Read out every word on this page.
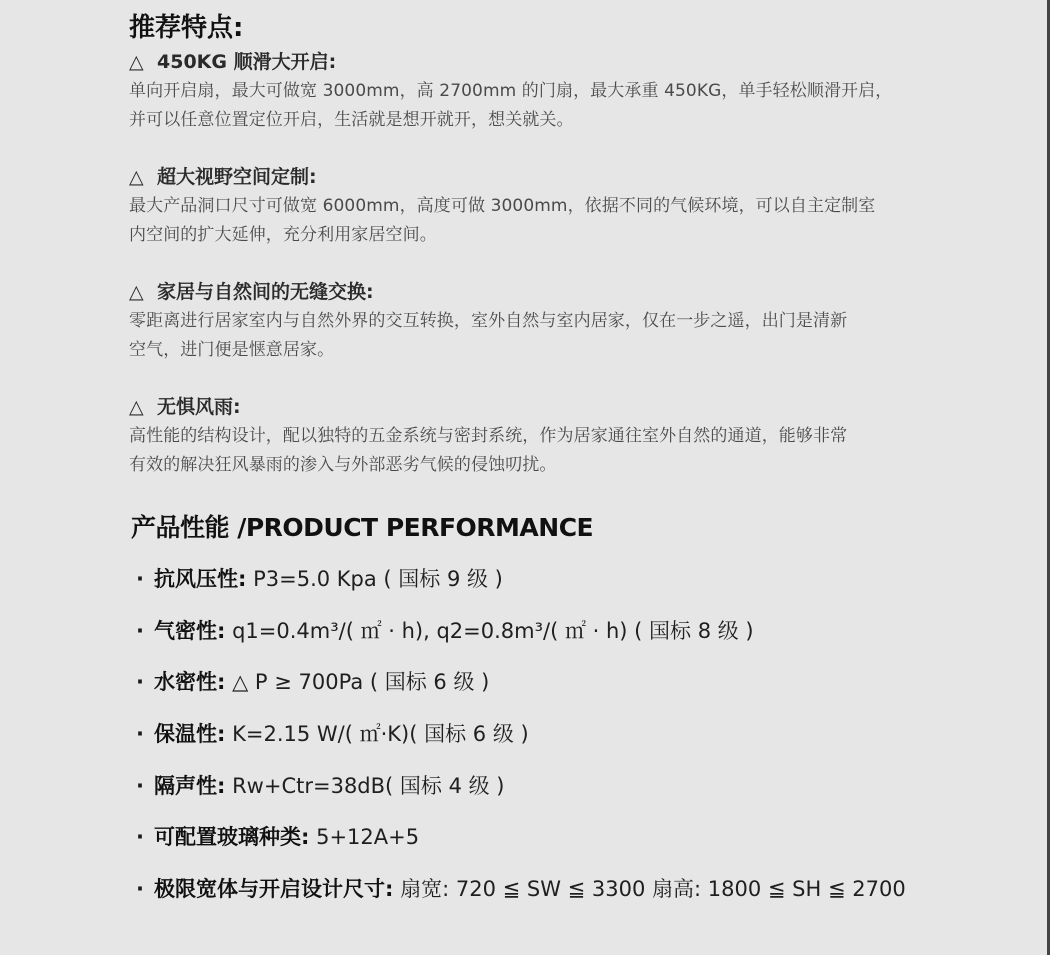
推荐特点:
△ 450KG 顺滑大开启:
单向开启扇，最大可做宽 3000mm，高 2700mm 的门扇，最大承重 450KG，单手轻松顺滑开启，
并可以任意位置定位开启，生活就是想开就开，想关就关。
△ 超大视野空间定制:
最大产品洞口尺寸可做宽 6000mm，高度可做 3000mm，依据不同的气候环境，可以自主定制室
内空间的扩大延伸，充分利用家居空间。
△ 家居与自然间的无缝交换:
零距离进行居家室内与自然外界的交互转换，室外自然与室内居家，仅在一步之遥，出门是清新
空气，进门便是惬意居家。
△ 无惧风雨:
高性能的结构设计，配以独特的五金系统与密封系统，作为居家通往室外自然的通道，能够非常
有效的解决狂风暴雨的渗入与外部恶劣气候的侵蚀叨扰。
产品性能 /PRODUCT PERFORMANCE
· 抗风压性: P3=5.0 Kpa ( 国标 9 级 )
· 气密性: q1=0.4m³/( ㎡ · h), q2=0.8m³/( ㎡ · h) ( 国标 8 级 )
· 水密性: △ P ≥ 700Pa ( 国标 6 级 )
· 保温性: K=2.15 W/( ㎡·K)( 国标 6 级 )
· 隔声性: Rw+Ctr=38dB( 国标 4 级 )
· 可配置玻璃种类: 5+12A+5
· 极限宽体与开启设计尺寸: 扇宽: 720 ≦ SW ≦ 3300 扇高: 1800 ≦ SH ≦ 2700
